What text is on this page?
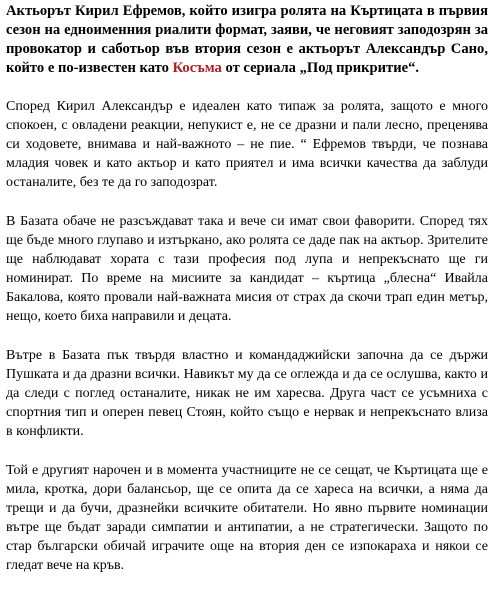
Актьорът Кирил Ефремов, който изигра ролята на Къртицата в първия сезон на едноименния риалити формат, заяви, че неговият заподозрян за провокатор и саботьор във втория сезон е актьорът Александър Сано, който е по-известен като Косъма от сериала „Под прикритие“.

Според Кирил Александър е идеален като типаж за ролята, защото е много спокоен, с овладени реакции, непукист е, не се дразни и пали лесно, преценява си ходовете, внимава и най-важното – не пие. “ Ефремов твърди, че познава младия човек и като актьор и като приятел и има всички качества да заблуди останалите, без те да го заподозрат.

В Базата обаче не разсъждават така и вече си имат свои фаворити. Според тях ще бъде много глупаво и изтъркано, ако ролята се даде пак на актьор. Зрителите ще наблюдават хората с тази професия под лупа и непрекъснато ще ги номинират. По време на мисиите за кандидат – къртица „блесна“ Ивайла Бакалова, която провали най-важната мисия от страх да скочи трап един метър, нещо, което биха направили и децата.

Вътре в Базата пък твърдя властно и командаджийски започна да се държи Пушката и да дразни всички. Навикът му да се оглежда и да се ослушва, както и да следи с поглед останалите, никак не им харесва. Друга част се усъмниха с спортния тип и оперен певец Стоян, който също е нервак и непрекъснато влизa в конфликти.

Той е другият нарочен и в момента участниците не се сещат, че Къртицата ще е мила, кротка, дори балансьор, ще се опита да се хареса на всички, а няма да трещи и да бучи, дразнейки всичките обитатели. Но явно първите номинации вътре ще бъдат заради симпатии и антипатии, а не стратегически. Защото по стар български обичай играчите още на втория ден се изпокараха и някои се гледат вече на кръв.
